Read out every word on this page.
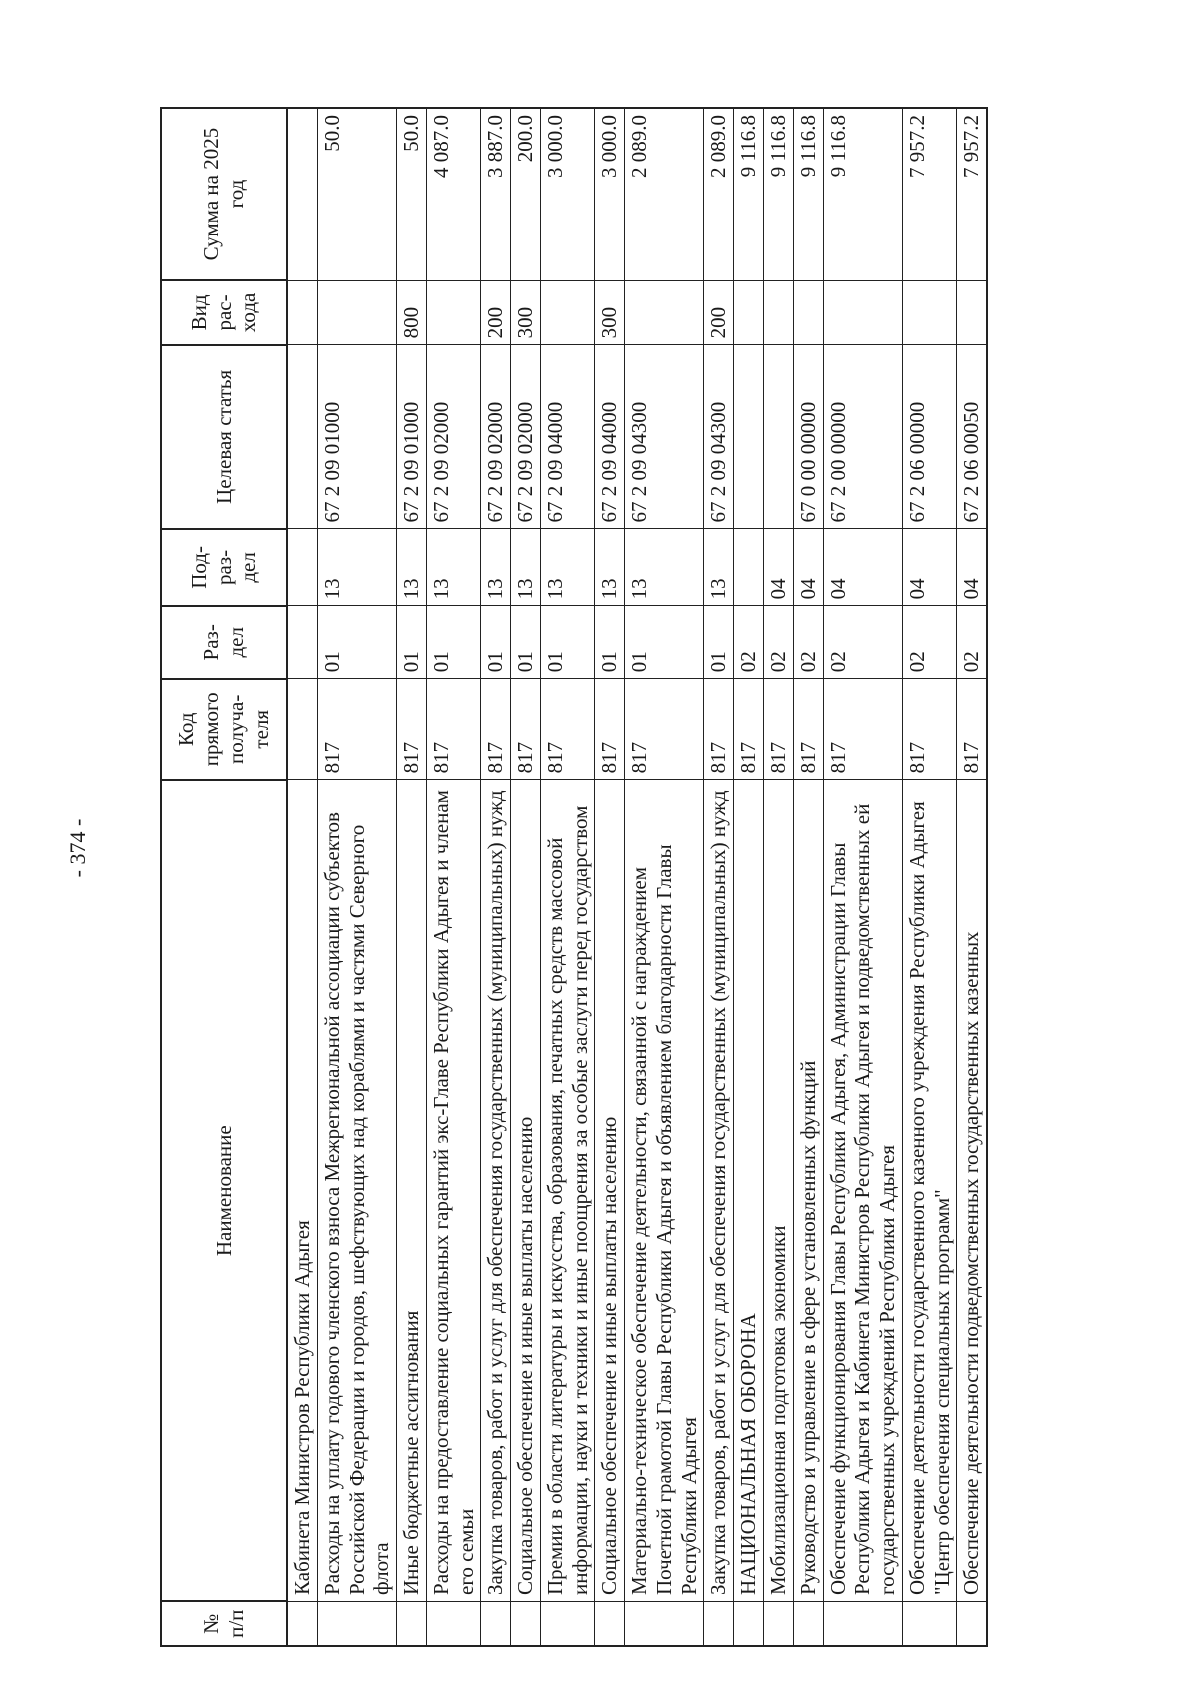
- 374 -
№ п/п	Наименование	Код прямого получа- теля	Раз- дел	Под- раз- дел	Целевая статья	Вид рас- хода	Сумма на 2025 год
	Кабинета Министров Республики Адыгея						
	Расходы на уплату годового членского взноса Межрегиональной ассоциации субъектов Российской Федерации и городов, шефствующих над кораблями и частями Северного флота	817	01	13	67 2 09 01000		50.0
	Иные бюджетные ассигнования	817	01	13	67 2 09 01000	800	50.0
	Расходы на предоставление социальных гарантий экс-Главе Республики Адыгея и членам его семьи	817	01	13	67 2 09 02000		4 087.0
	Закупка товаров, работ и услуг для обеспечения государственных (муниципальных) нужд	817	01	13	67 2 09 02000	200	3 887.0
	Социальное обеспечение и иные выплаты населению	817	01	13	67 2 09 02000	300	200.0
	Премии в области литературы и искусства, образования, печатных средств массовой информации, науки и техники и иные поощрения за особые заслуги перед государством	817	01	13	67 2 09 04000		3 000.0
	Социальное обеспечение и иные выплаты населению	817	01	13	67 2 09 04000	300	3 000.0
	Материально-техническое обеспечение деятельности, связанной с награждением Почетной грамотой Главы Республики Адыгея и объявлением благодарности Главы Республики Адыгея	817	01	13	67 2 09 04300		2 089.0
	Закупка товаров, работ и услуг для обеспечения государственных (муниципальных) нужд	817	01	13	67 2 09 04300	200	2 089.0
	НАЦИОНАЛЬНАЯ ОБОРОНА	817	02				9 116.8
	Мобилизационная подготовка экономики	817	02	04			9 116.8
	Руководство и управление в сфере установленных функций	817	02	04	67 0 00 00000		9 116.8
	Обеспечение функционирования Главы Республики Адыгея, Администрации Главы Республики Адыгея и Кабинета Министров Республики Адыгея и подведомственных ей государственных учреждений Республики Адыгея	817	02	04	67 2 00 00000		9 116.8
	Обеспечение деятельности государственного казенного учреждения Республики Адыгея "Центр обеспечения специальных программ"	817	02	04	67 2 06 00000		7 957.2
	Обеспечение деятельности подведомственных государственных казенных	817	02	04	67 2 06 00050		7 957.2
